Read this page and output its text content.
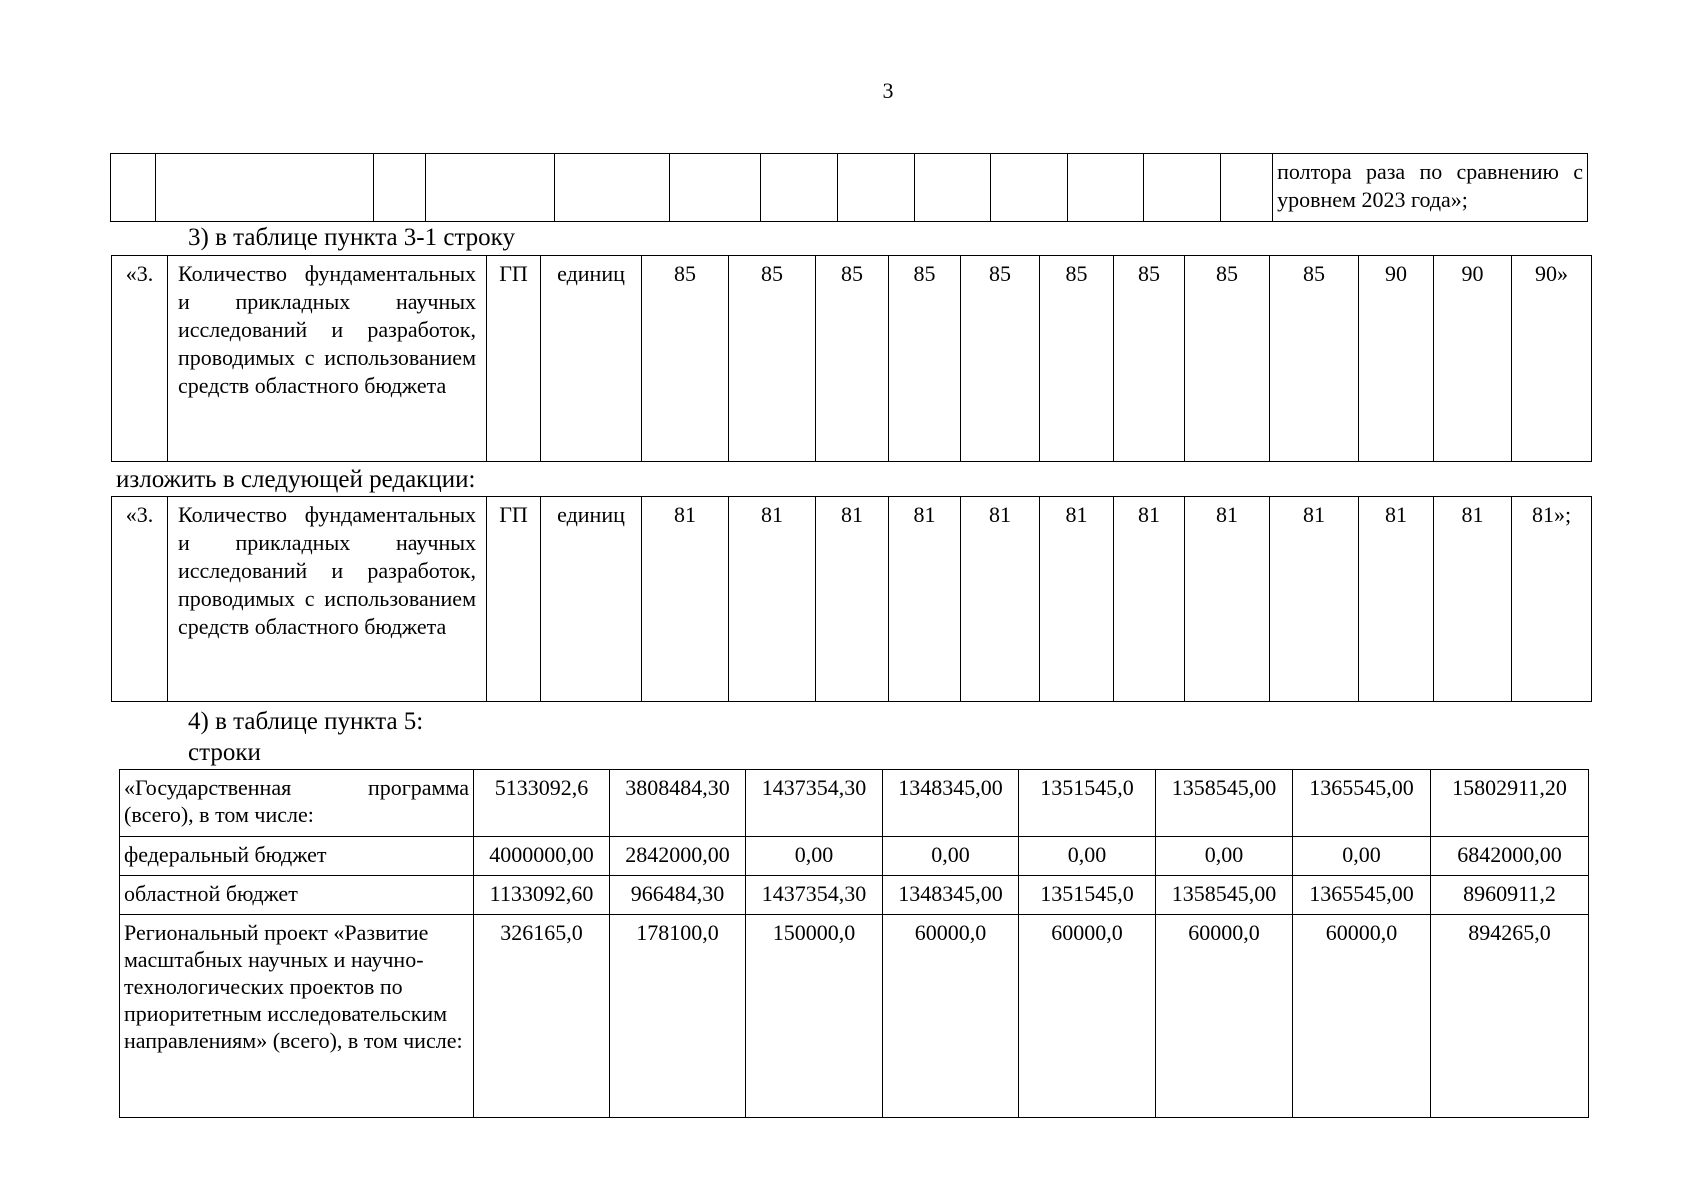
3
													полтора раза по сравнению с уровнем 2023 года»;
3) в таблице пункта 3-1 строку
«3.	Количество фундаментальных и прикладных научных исследований и разработок, проводимых с использованием средств областного бюджета	ГП	единиц	85	85	85	85	85	85	85	85	85	90	90	90»
изложить в следующей редакции:
«3.	Количество фундаментальных и прикладных научных исследований и разработок, проводимых с использованием средств областного бюджета	ГП	единиц	81	81	81	81	81	81	81	81	81	81	81	81»;
4) в таблице пункта 5:
строки
«Государственная программа (всего), в том числе:	5133092,6	3808484,30	1437354,30	1348345,00	1351545,0	1358545,00	1365545,00	15802911,20
федеральный бюджет	4000000,00	2842000,00	0,00	0,00	0,00	0,00	0,00	6842000,00
областной бюджет	1133092,60	966484,30	1437354,30	1348345,00	1351545,0	1358545,00	1365545,00	8960911,2
Региональный проект «Развитие масштабных научных и научно-технологических проектов по приоритетным исследовательским направлениям» (всего), в том числе:	326165,0	178100,0	150000,0	60000,0	60000,0	60000,0	60000,0	894265,0
